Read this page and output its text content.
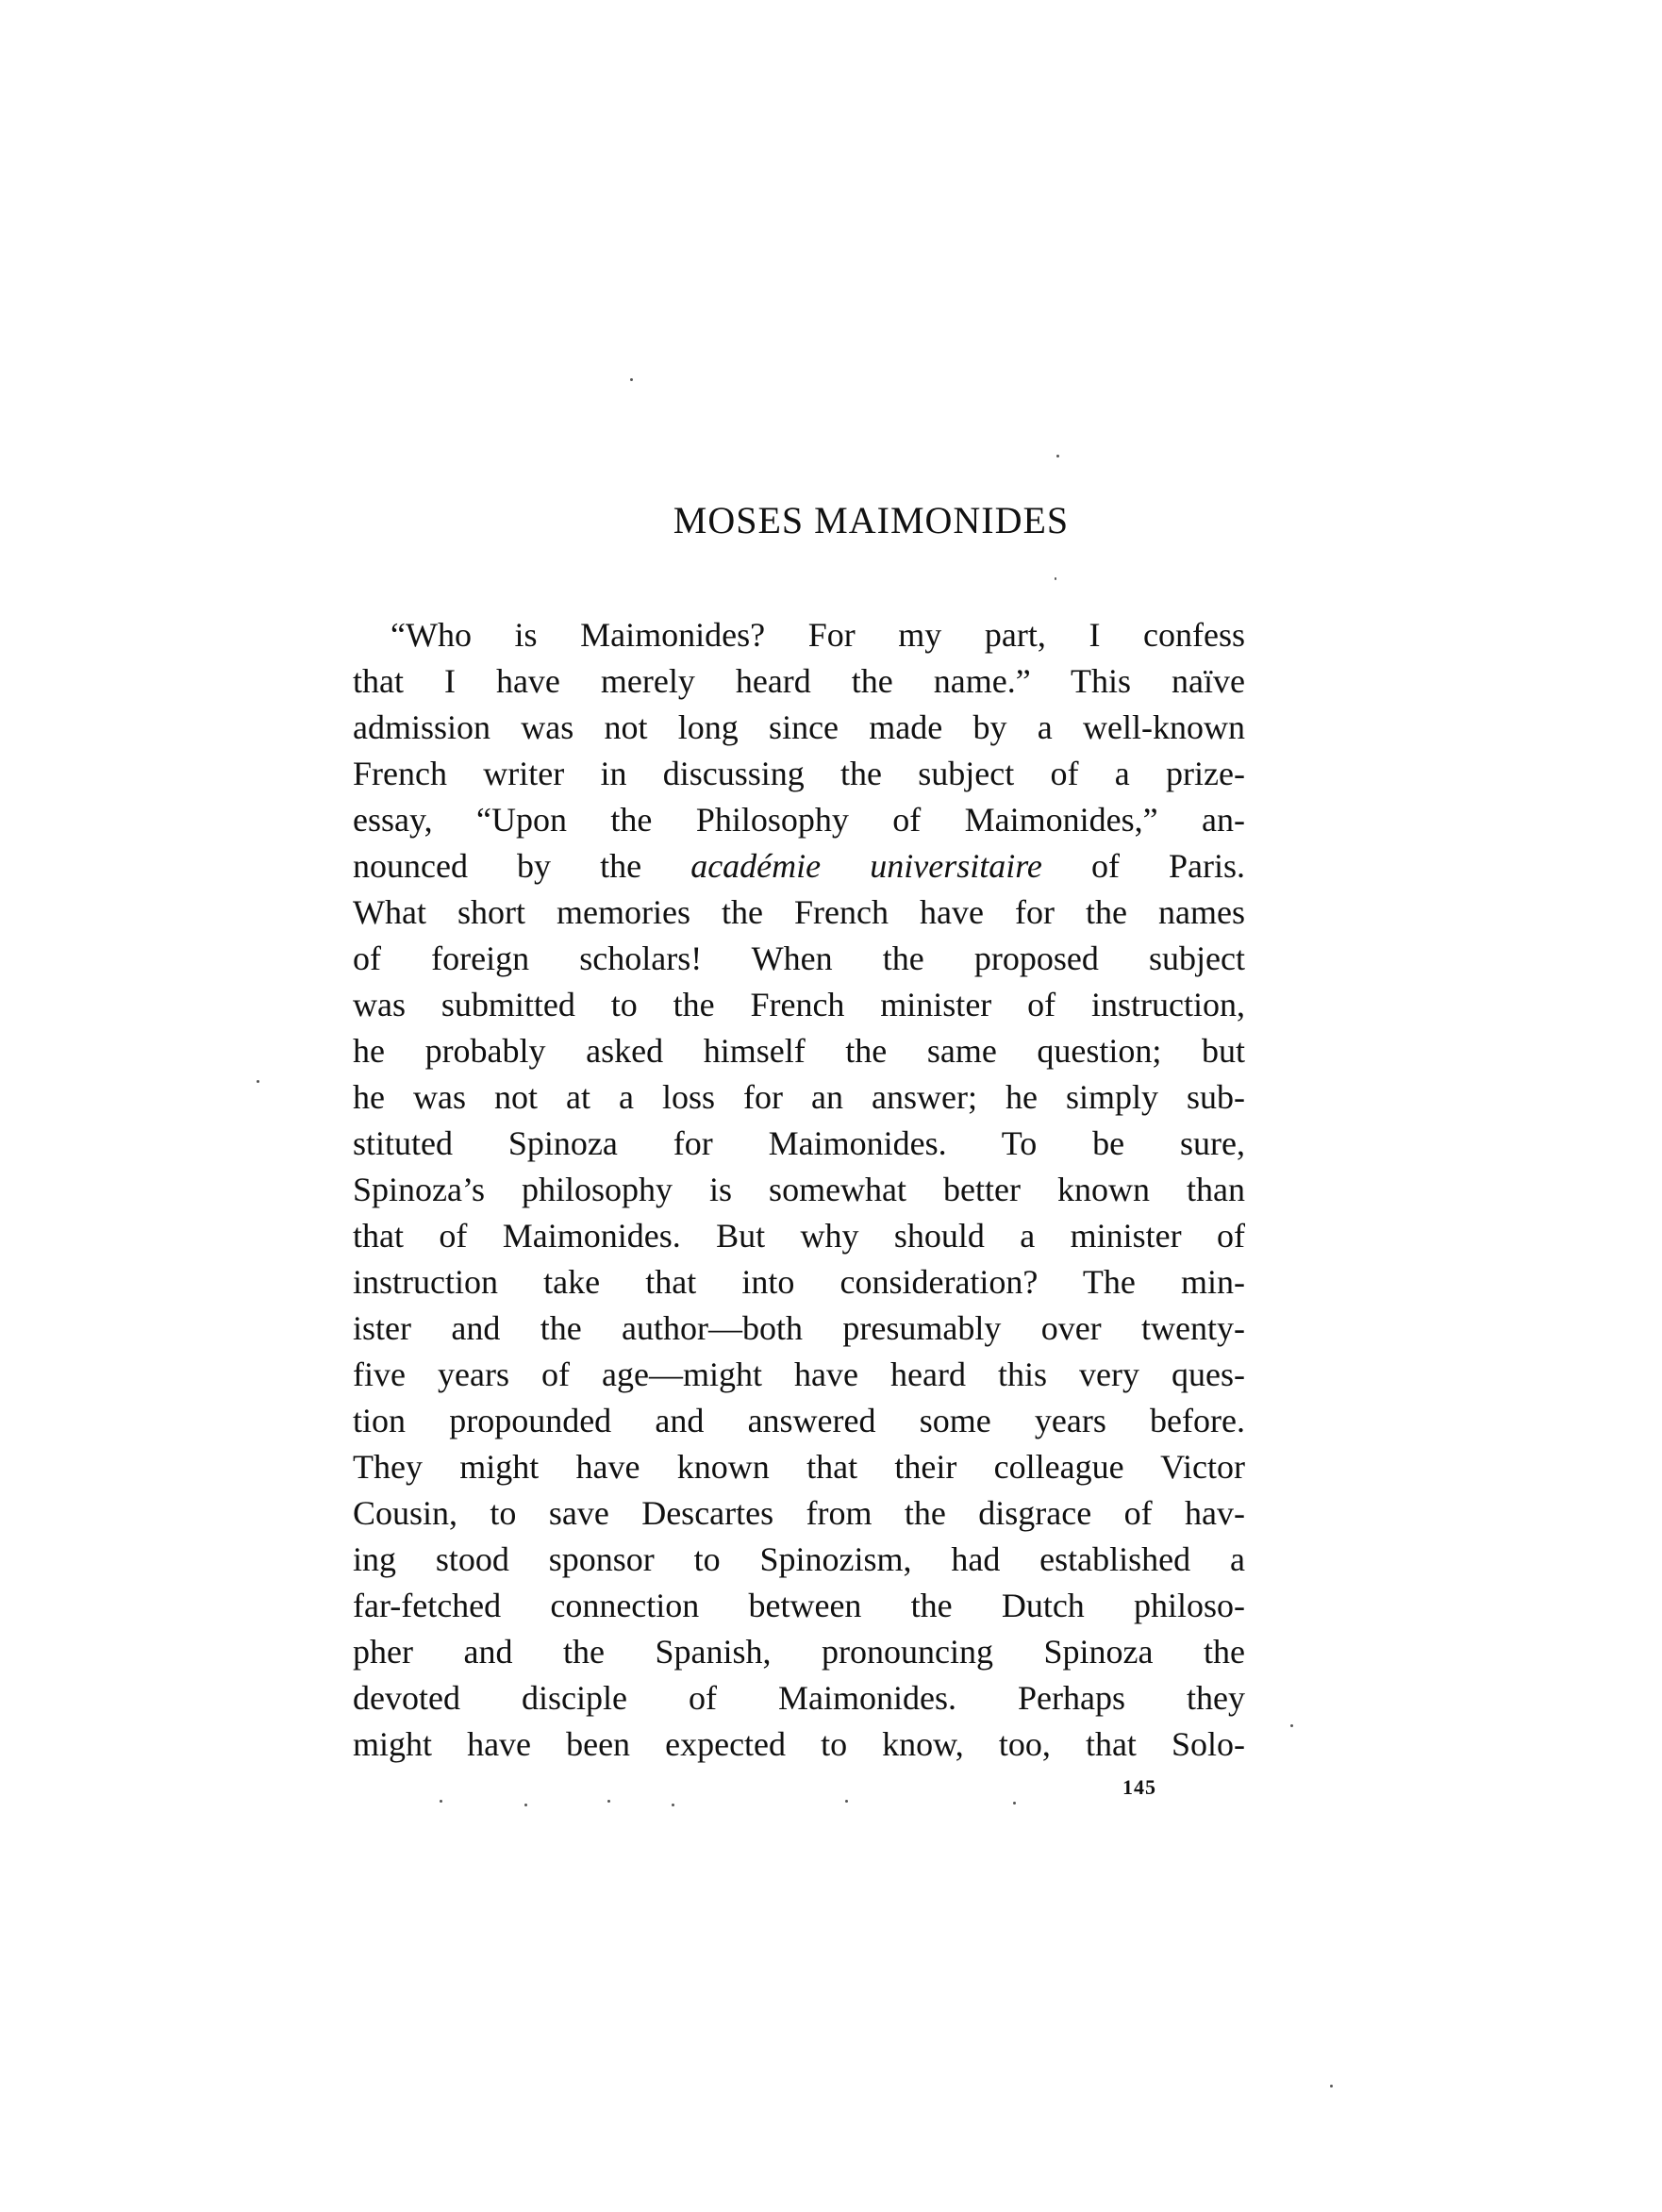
MOSES MAIMONIDES
“Who is Maimonides? For my part, I confess
that I have merely heard the name.” This naïve
admission was not long since made by a well-known
French writer in discussing the subject of a prize-
essay, “Upon the Philosophy of Maimonides,” an-
nounced by the académie universitaire of Paris.
What short memories the French have for the names
of foreign scholars! When the proposed subject
was submitted to the French minister of instruction,
he probably asked himself the same question; but
he was not at a loss for an answer; he simply sub-
stituted Spinoza for Maimonides. To be sure,
Spinoza’s philosophy is somewhat better known than
that of Maimonides. But why should a minister of
instruction take that into consideration? The min-
ister and the author—both presumably over twenty-
five years of age—might have heard this very ques-
tion propounded and answered some years before.
They might have known that their colleague Victor
Cousin, to save Descartes from the disgrace of hav-
ing stood sponsor to Spinozism, had established a
far-fetched connection between the Dutch philoso-
pher and the Spanish, pronouncing Spinoza the
devoted disciple of Maimonides. Perhaps they
might have been expected to know, too, that Solo-
145
